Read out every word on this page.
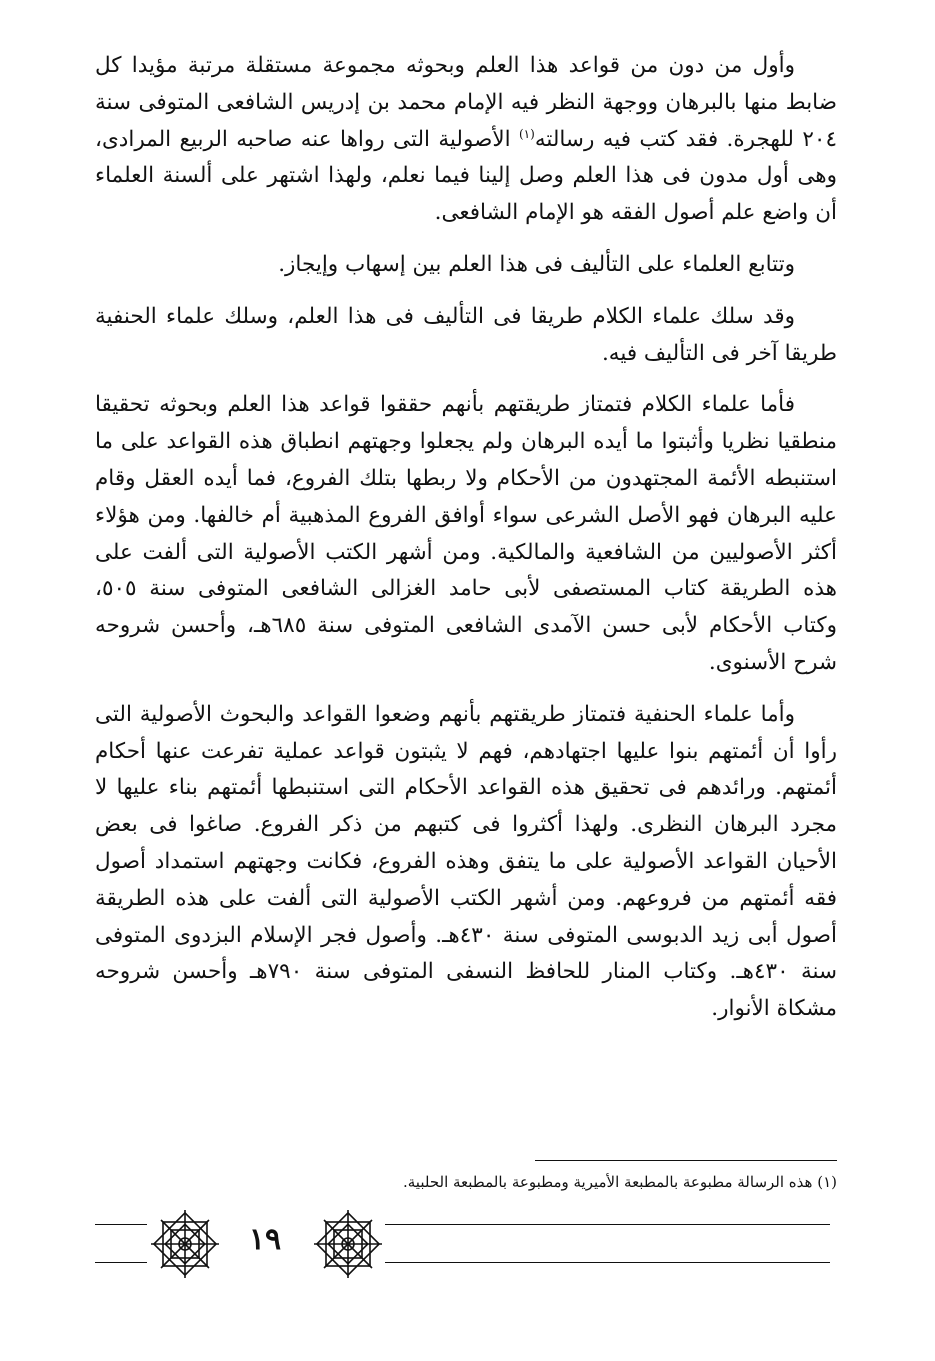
وأول من دون من قواعد هذا العلم وبحوثه مجموعة مستقلة مرتبة مؤيدا كل ضابط منها بالبرهان ووجهة النظر فيه الإمام محمد بن إدريس الشافعى المتوفى سنة ٢٠٤ للهجرة. فقد كتب فيه رسالته$^{(١)}$ الأصولية التى رواها عنه صاحبه الربيع المرادى، وهى أول مدون فى هذا العلم وصل إلينا فيما نعلم، ولهذا اشتهر على ألسنة العلماء أن واضع علم أصول الفقه هو الإمام الشافعى.

وتتابع العلماء على التأليف فى هذا العلم بين إسهاب وإيجاز.

وقد سلك علماء الكلام طريقا فى التأليف فى هذا العلم، وسلك علماء الحنفية طريقا آخر فى التأليف فيه.

فأما علماء الكلام فتمتاز طريقتهم بأنهم حققوا قواعد هذا العلم وبحوثه تحقيقا منطقيا نظريا وأثبتوا ما أيده البرهان ولم يجعلوا وجهتهم انطباق هذه القواعد على ما استنبطه الأئمة المجتهدون من الأحكام ولا ربطها بتلك الفروع، فما أيده العقل وقام عليه البرهان فهو الأصل الشرعى سواء أوافق الفروع المذهبية أم خالفها. ومن هؤلاء أكثر الأصوليين من الشافعية والمالكية. ومن أشهر الكتب الأصولية التى ألفت على هذه الطريقة كتاب المستصفى لأبى حامد الغزالى الشافعى المتوفى سنة ٥٠٥، وكتاب الأحكام لأبى حسن الآمدى الشافعى المتوفى سنة ٦٨٥هـ، وأحسن شروحه شرح الأسنوى.

وأما علماء الحنفية فتمتاز طريقتهم بأنهم وضعوا القواعد والبحوث الأصولية التى رأوا أن أئمتهم بنوا عليها اجتهادهم، فهم لا يثبتون قواعد عملية تفرعت عنها أحكام أئمتهم. ورائدهم فى تحقيق هذه القواعد الأحكام التى استنبطها أئمتهم بناء عليها لا مجرد البرهان النظرى. ولهذا أكثروا فى كتبهم من ذكر الفروع. صاغوا فى بعض الأحيان القواعد الأصولية على ما يتفق وهذه الفروع، فكانت وجهتهم استمداد أصول فقه أئمتهم من فروعهم. ومن أشهر الكتب الأصولية التى ألفت على هذه الطريقة أصول أبى زيد الدبوسى المتوفى سنة ٤٣٠هـ. وأصول فجر الإسلام البزدوى المتوفى سنة ٤٣٠هـ. وكتاب المنار للحافظ النسفى المتوفى سنة ٧٩٠هـ وأحسن شروحه مشكاة الأنوار.

(١) هذه الرسالة مطبوعة بالمطبعة الأميرية ومطبوعة بالمطبعة الحلبية.

١٩
